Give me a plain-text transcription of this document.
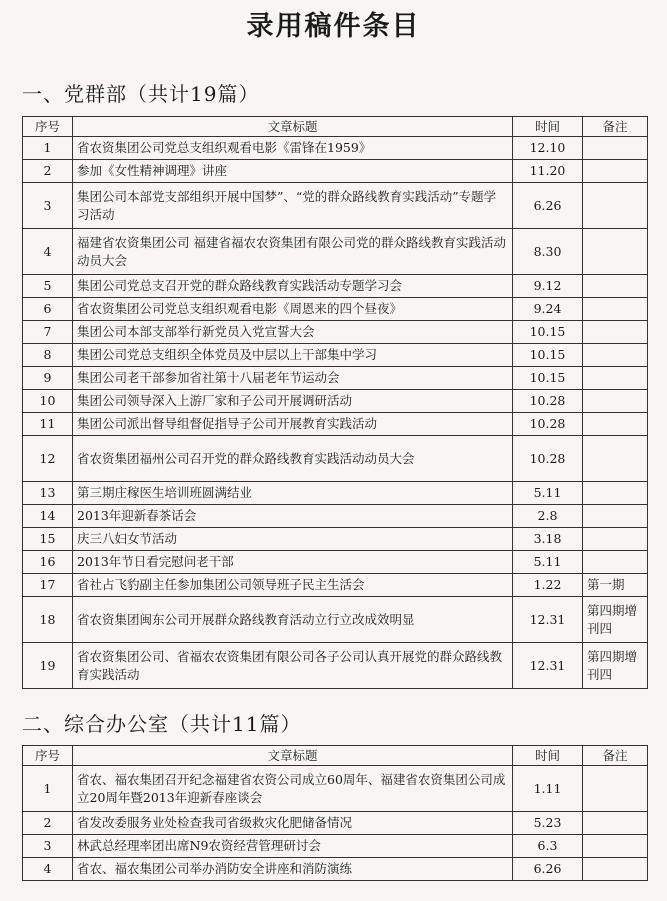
录用稿件条目
一、党群部（共计19篇）
序号	文章标题	时间	备注
1	省农资集团公司党总支组织观看电影《雷锋在1959》	12.10	
2	参加《女性精神调理》讲座	11.20	
3	集团公司本部党支部组织开展中国梦”、“党的群众路线教育实践活动”专题学习活动	6.26	
4	福建省农资集团公司 福建省福农农资集团有限公司党的群众路线教育实践活动动员大会	8.30	
5	集团公司党总支召开党的群众路线教育实践活动专题学习会	9.12	
6	省农资集团公司党总支组织观看电影《周恩来的四个昼夜》	9.24	
7	集团公司本部支部举行新党员入党宣誓大会	10.15	
8	集团公司党总支组织全体党员及中层以上干部集中学习	10.15	
9	集团公司老干部参加省社第十八届老年节运动会	10.15	
10	集团公司领导深入上游厂家和子公司开展调研活动	10.28	
11	集团公司派出督导组督促指导子公司开展教育实践活动	10.28	
12	省农资集团福州公司召开党的群众路线教育实践活动动员大会	10.28	
13	第三期庄稼医生培训班圆满结业	5.11	
14	2013年迎新春茶话会	2.8	
15	庆三八妇女节活动	3.18	
16	2013年节日看完慰问老干部	5.11	
17	省社占飞豹副主任参加集团公司领导班子民主生活会	1.22	第一期
18	省农资集团闽东公司开展群众路线教育活动立行立改成效明显	12.31	第四期增刊四
19	省农资集团公司、省福农农资集团有限公司各子公司认真开展党的群众路线教育实践活动	12.31	第四期增刊四
二、综合办公室（共计11篇）
序号	文章标题	时间	备注
1	省农、福农集团召开纪念福建省农资公司成立60周年、福建省农资集团公司成立20周年暨2013年迎新春座谈会	1.11	
2	省发改委服务业处检查我司省级救灾化肥储备情况	5.23	
3	林武总经理率团出席N9农资经营管理研讨会	6.3	
4	省农、福农集团公司举办消防安全讲座和消防演练	6.26	
